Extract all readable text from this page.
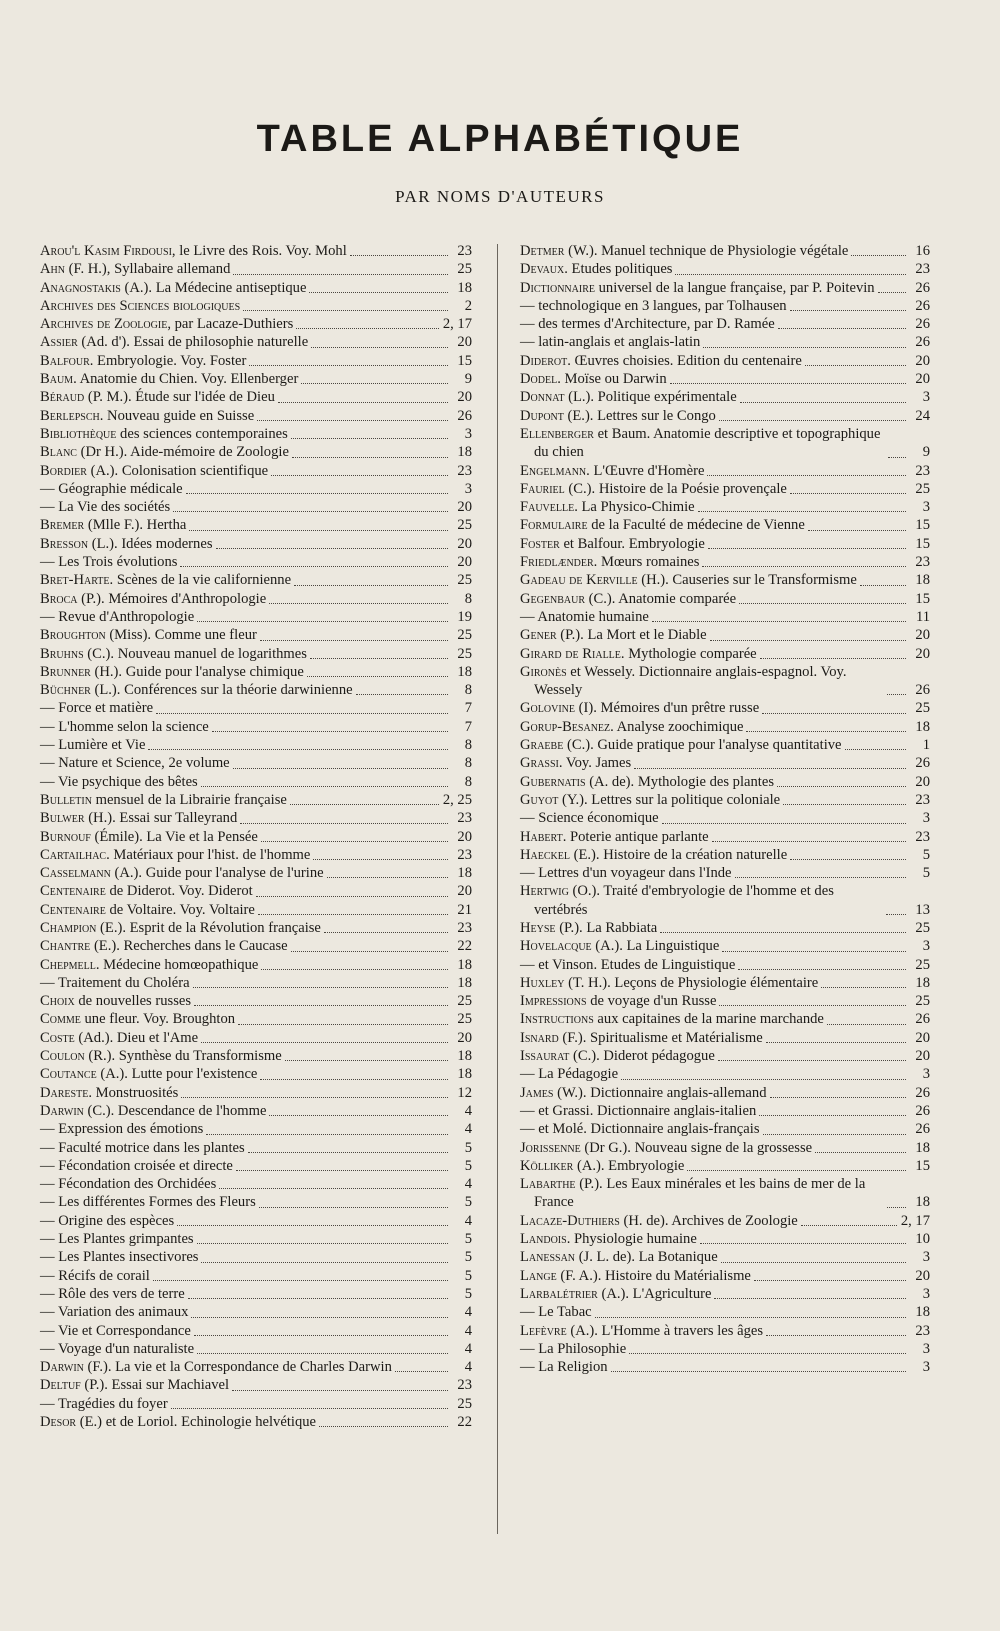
TABLE ALPHABÉTIQUE
PAR NOMS D'AUTEURS
Arou'l Kasim Firdousi, le Livre des Rois. Voy. Mohl	23
Ahn (F. H.), Syllabaire allemand	25
Anagnostakis (A.). La Médecine antiseptique	18
Archives des Sciences biologiques	2
Archives de Zoologie, par Lacaze-Duthiers	2, 17
Assier (Ad. d'). Essai de philosophie naturelle	20
Balfour. Embryologie. Voy. Foster	15
Baum. Anatomie du Chien. Voy. Ellenberger	9
Béraud (P. M.). Étude sur l'idée de Dieu	20
Berlepsch. Nouveau guide en Suisse	26
Bibliothèque des sciences contemporaines	3
Blanc (Dr H.). Aide-mémoire de Zoologie	18
Bordier (A.). Colonisation scientifique	23
— Géographie médicale	3
— La Vie des sociétés	20
Bremer (Mlle F.). Hertha	25
Bresson (L.). Idées modernes	20
— Les Trois évolutions	20
Bret-Harte. Scènes de la vie californienne	25
Broca (P.). Mémoires d'Anthropologie	8
— Revue d'Anthropologie	19
Broughton (Miss). Comme une fleur	25
Bruhns (C.). Nouveau manuel de logarithmes	25
Brunner (H.). Guide pour l'analyse chimique	18
Büchner (L.). Conférences sur la théorie darwinienne	8
— Force et matière	7
— L'homme selon la science	7
— Lumière et Vie	8
— Nature et Science, 2e volume	8
— Vie psychique des bêtes	8
Bulletin mensuel de la Librairie française	2, 25
Bulwer (H.). Essai sur Talleyrand	23
Burnouf (Émile). La Vie et la Pensée	20
Cartailhac. Matériaux pour l'hist. de l'homme	23
Casselmann (A.). Guide pour l'analyse de l'urine	18
Centenaire de Diderot. Voy. Diderot	20
Centenaire de Voltaire. Voy. Voltaire	21
Champion (E.). Esprit de la Révolution française	23
Chantre (E.). Recherches dans le Caucase	22
Chepmell. Médecine homœopathique	18
— Traitement du Choléra	18
Choix de nouvelles russes	25
Comme une fleur. Voy. Broughton	25
Coste (Ad.). Dieu et l'Ame	20
Coulon (R.). Synthèse du Transformisme	18
Coutance (A.). Lutte pour l'existence	18
Dareste. Monstruosités	12
Darwin (C.). Descendance de l'homme	4
— Expression des émotions	4
— Faculté motrice dans les plantes	5
— Fécondation croisée et directe	5
— Fécondation des Orchidées	4
— Les différentes Formes des Fleurs	5
— Origine des espèces	4
— Les Plantes grimpantes	5
— Les Plantes insectivores	5
— Récifs de corail	5
— Rôle des vers de terre	5
— Variation des animaux	4
— Vie et Correspondance	4
— Voyage d'un naturaliste	4
Darwin (F.). La vie et la Correspondance de Charles Darwin	4
Deltuf (P.). Essai sur Machiavel	23
— Tragédies du foyer	25
Desor (E.) et de Loriol. Echinologie helvétique	22
Detmer (W.). Manuel technique de Physiologie végétale	16
Devaux. Etudes politiques	23
Dictionnaire universel de la langue française, par P. Poitevin	26
— technologique en 3 langues, par Tolhausen	26
— des termes d'Architecture, par D. Ramée	26
— latin-anglais et anglais-latin	26
Diderot. Œuvres choisies. Edition du centenaire	20
Dodel. Moïse ou Darwin	20
Donnat (L.). Politique expérimentale	3
Dupont (E.). Lettres sur le Congo	24
Ellenberger et Baum. Anatomie descriptive et topographique du chien	9
Engelmann. L'Œuvre d'Homère	23
Fauriel (C.). Histoire de la Poésie provençale	25
Fauvelle. La Physico-Chimie	3
Formulaire de la Faculté de médecine de Vienne	15
Foster et Balfour. Embryologie	15
Friedlænder. Mœurs romaines	23
Gadeau de Kerville (H.). Causeries sur le Transformisme	18
Gegenbaur (C.). Anatomie comparée	15
— Anatomie humaine	11
Gener (P.). La Mort et le Diable	20
Girard de Rialle. Mythologie comparée	20
Gironès et Wessely. Dictionnaire anglais-espagnol. Voy. Wessely	26
Golovine (I). Mémoires d'un prêtre russe	25
Gorup-Besanez. Analyse zoochimique	18
Graebe (C.). Guide pratique pour l'analyse quantitative	1
Grassi. Voy. James	26
Gubernatis (A. de). Mythologie des plantes	20
Guyot (Y.). Lettres sur la politique coloniale	23
— Science économique	3
Habert. Poterie antique parlante	23
Haeckel (E.). Histoire de la création naturelle	5
— Lettres d'un voyageur dans l'Inde	5
Hertwig (O.). Traité d'embryologie de l'homme et des vertébrés	13
Heyse (P.). La Rabbiata	25
Hovelacque (A.). La Linguistique	3
— et Vinson. Etudes de Linguistique	25
Huxley (T. H.). Leçons de Physiologie élémentaire	18
Impressions de voyage d'un Russe	25
Instructions aux capitaines de la marine marchande	26
Isnard (F.). Spiritualisme et Matérialisme	20
Issaurat (C.). Diderot pédagogue	20
— La Pédagogie	3
James (W.). Dictionnaire anglais-allemand	26
— et Grassi. Dictionnaire anglais-italien	26
— et Molé. Dictionnaire anglais-français	26
Jorissenne (Dr G.). Nouveau signe de la grossesse	18
Kölliker (A.). Embryologie	15
Labarthe (P.). Les Eaux minérales et les bains de mer de la France	18
Lacaze-Duthiers (H. de). Archives de Zoologie	2, 17
Landois. Physiologie humaine	10
Lanessan (J. L. de). La Botanique	3
Lange (F. A.). Histoire du Matérialisme	20
Larbalétrier (A.). L'Agriculture	3
— Le Tabac	18
Lefèvre (A.). L'Homme à travers les âges	23
— La Philosophie	3
— La Religion	3
